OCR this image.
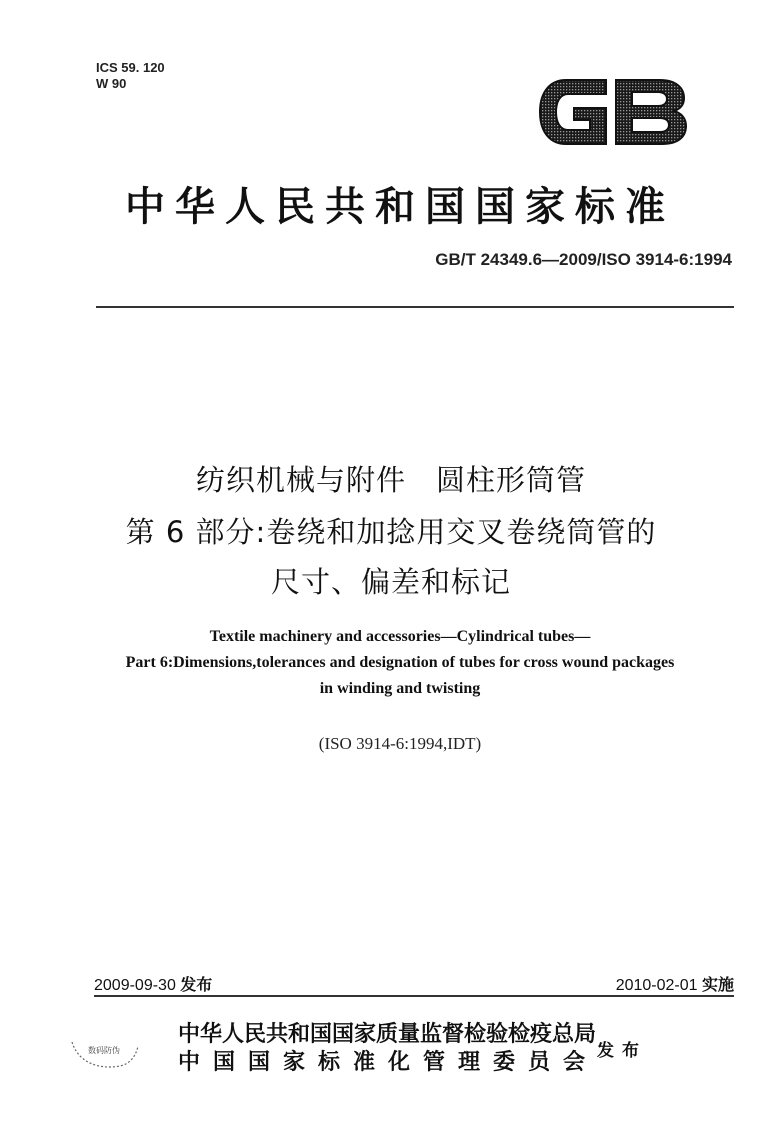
ICS 59. 120
W 90
中华人民共和国国家标准
GB/T 24349.6—2009/ISO 3914-6:1994
纺织机械与附件　圆柱形筒管
第 6 部分:卷绕和加捻用交叉卷绕筒管的
尺寸、偏差和标记
Textile machinery and accessories—Cylindrical tubes—
Part 6:Dimensions,tolerances and designation of tubes for cross wound packages
in winding and twisting
(ISO 3914-6:1994,IDT)
2009-09-30 发布	2010-02-01 实施
数码防伪
中华人民共和国国家质量监督检验检疫总局
中国国家标准化管理委员会
发布
